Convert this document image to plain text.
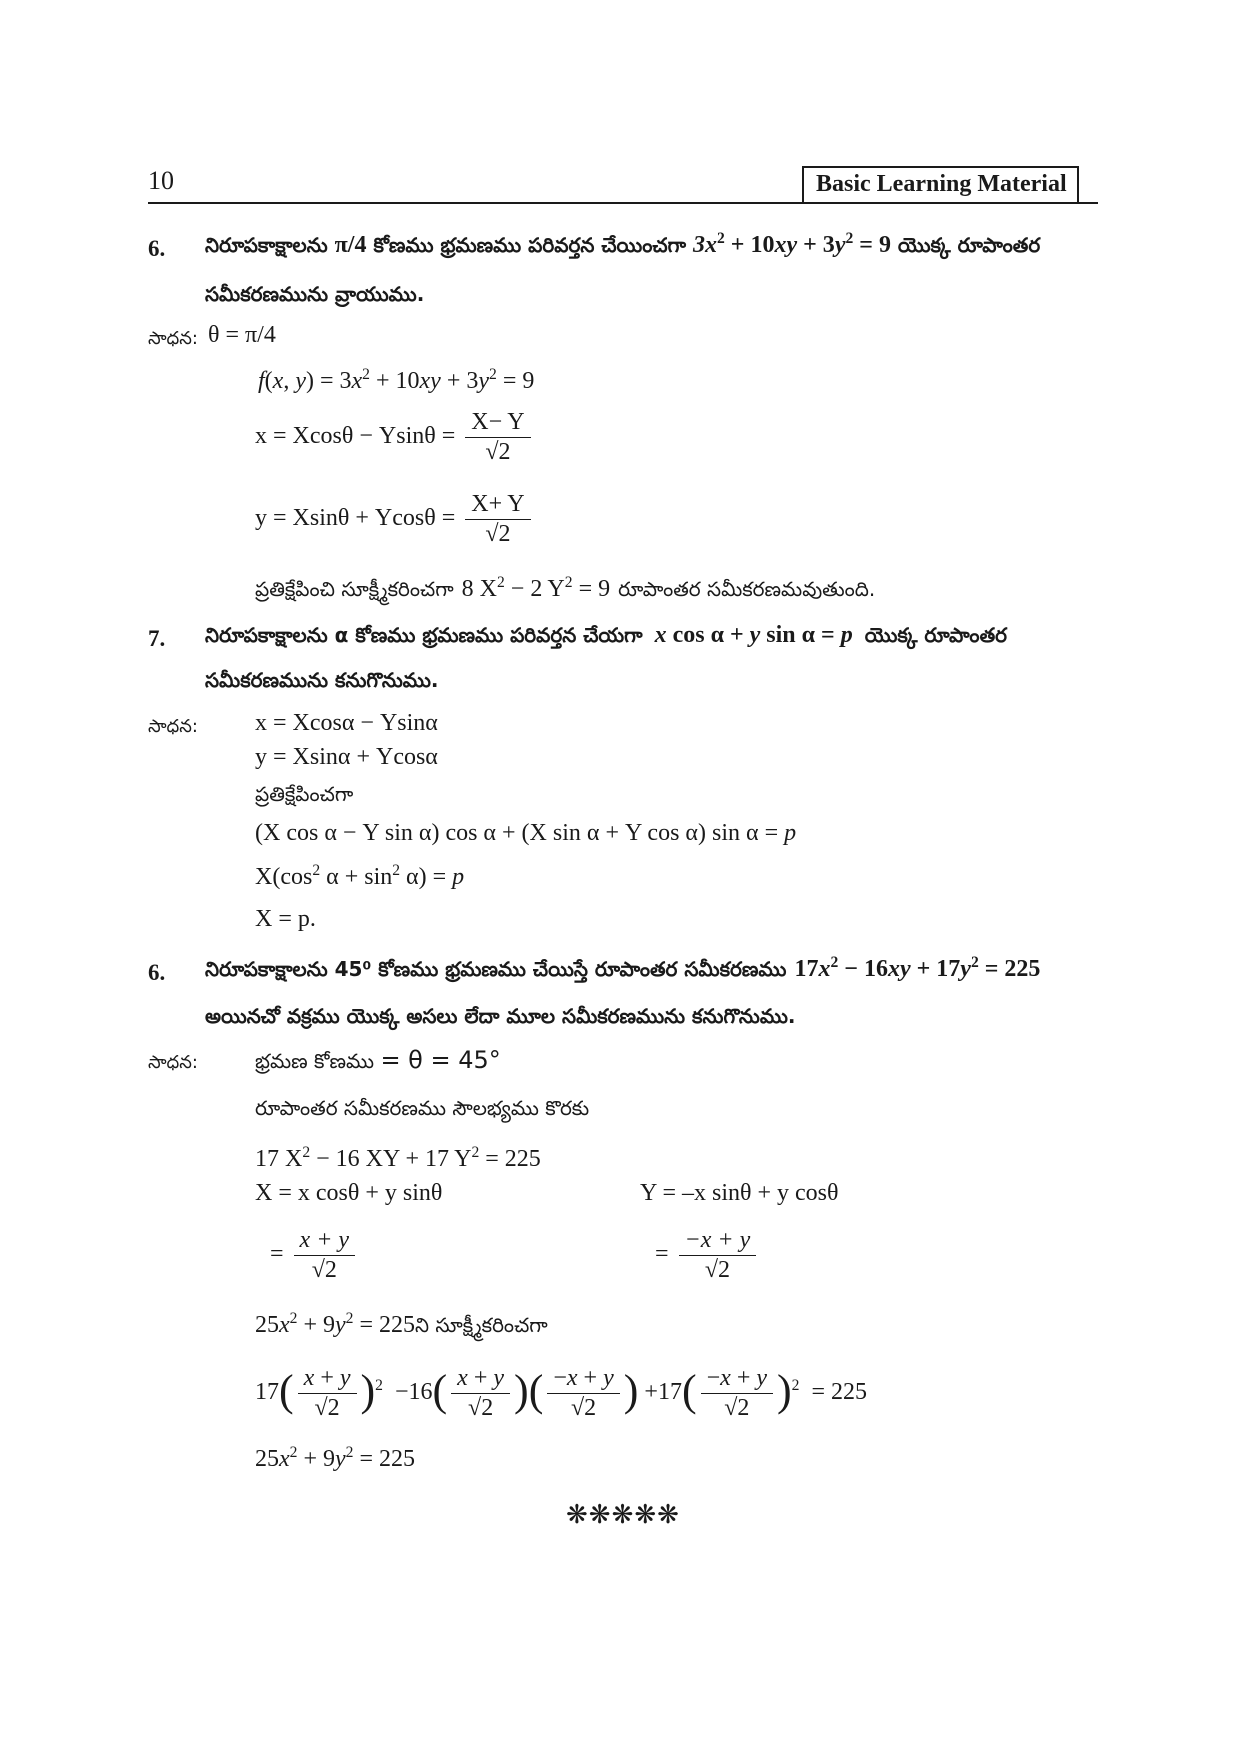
10	Basic Learning Material
6. నిరూపకాక్షాలను π/4 కోణము భ్రమణము పరివర్తన చేయించగా $3x^2 + 10xy + 3y^2 = 9$ యొక్క రూపాంతర
సమీకరణమును వ్రాయుము.
సాధన: θ = π/4
f(x, $y) = 3x^2 + 10xy + 3y^2 = 9$
$x = Xcos\theta - Ysin\theta = \frac{X- Y}{√2}$
$y = Xsin\theta + Ycos\theta = \frac{X+ Y}{√2}$
ప్రతిక్షేపించి సూక్ష్మీకరించగా 8 $X^2 - 2$ $Y^2 = 9$ రూపాంతర సమీకరణమవుతుంది.
7. నిరూపకాక్షాలను α కోణము భ్రమణము పరివర్తన చేయగా x cos α + y sin α = p యొక్క రూపాంతర
సమీకరణమును కనుగొనుము.
సాధన: x = Xcosα − Ysinα
y = Xsinα + Ycosα
ప్రతిక్షేపించగా
(X cos α − Y sin α) cos α + (X sin α + Y cos α) sin α = p
$X(\cos^2$ $\alpha + \sin^2 \alpha) = p$
X = p.
6. నిరూపకాక్షాలను 45⁰ కోణము భ్రమణము చేయిస్తే రూపాంతర సమీకరణము $17x^2 - 16xy + 17y^2 = 225$
అయినచో వక్రము యొక్క అసలు లేదా మూల సమీకరణమును కనుగొనుము.
సాధన:	భ్రమణ కోణము = θ = 45°
రూపాంతర సమీకరణము సౌలభ్యము కొరకు
17 $X^2 - 16$ XY + 17 $Y^2 = 225$
X = x cosθ + y sinθ	Y = –x sinθ + y cosθ
= $\frac{x + y}{√2}$	= $\frac{-x + y}{√2}$
$25x^2 + 9y^2$ = 225ని సూక్ష్మీకరించగా
$17( \frac{x + y}{√2} )^2 -16( \frac{x + y}{√2}$ )( $\frac{-x + y}{√2}$ ) $+17( \frac{-x + y}{√2} )^2 = 225$
$25x^2 + 9y^2 = 225$
❋❋❋❋❋
